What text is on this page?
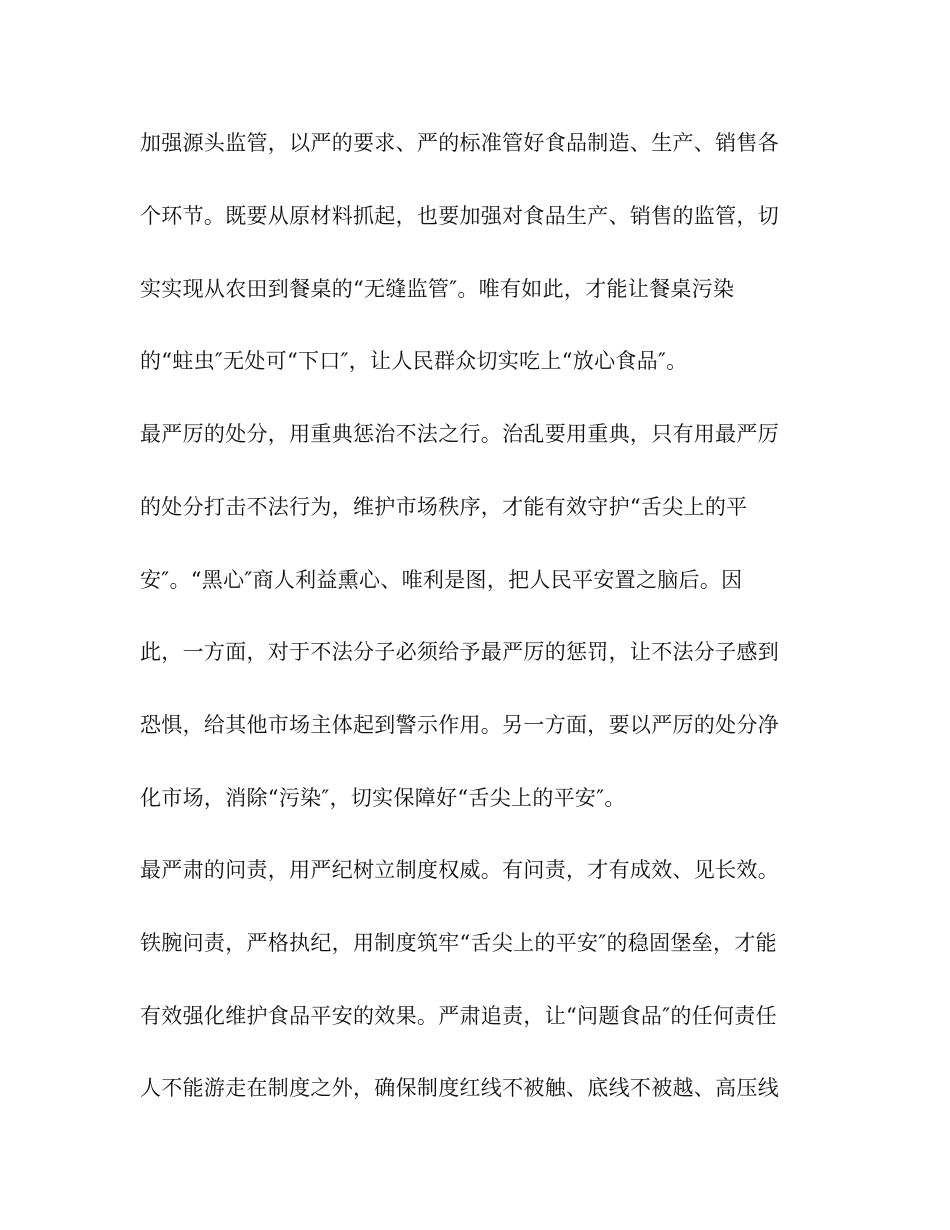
加强源头监管，以严的要求、严的标准管好食品制造、生产、销售各

个环节。既要从原材料抓起，也要加强对食品生产、销售的监管，切

实实现从农田到餐桌的“无缝监管″。唯有如此，才能让餐桌污染

的“蛀虫″无处可“下口″，让人民群众切实吃上“放心食品″。

最严厉的处分，用重典惩治不法之行。治乱要用重典，只有用最严厉

的处分打击不法行为，维护市场秩序，才能有效守护“舌尖上的平

安″。“黑心″商人利益熏心、唯利是图，把人民平安置之脑后。因

此，一方面，对于不法分子必须给予最严厉的惩罚，让不法分子感到

恐惧，给其他市场主体起到警示作用。另一方面，要以严厉的处分净

化市场，消除“污染″，切实保障好“舌尖上的平安″。

最严肃的问责，用严纪树立制度权威。有问责，才有成效、见长效。

铁腕问责，严格执纪，用制度筑牢“舌尖上的平安″的稳固堡垒，才能

有效强化维护食品平安的效果。严肃追责，让“问题食品″的任何责任

人不能游走在制度之外，确保制度红线不被触、底线不被越、高压线
